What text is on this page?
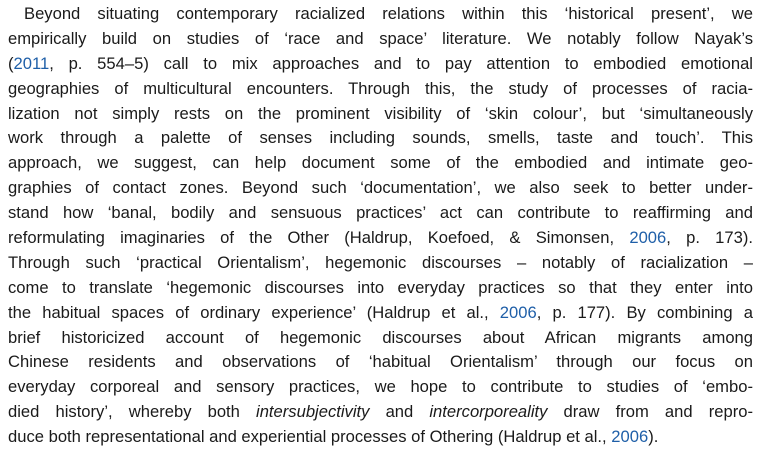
Beyond situating contemporary racialized relations within this ‘historical present’, we
empirically build on studies of ‘race and space’ literature. We notably follow Nayak’s
(2011, p. 554–5) call to mix approaches and to pay attention to embodied emotional
geographies of multicultural encounters. Through this, the study of processes of racia-
lization not simply rests on the prominent visibility of ‘skin colour’, but ‘simultaneously
work through a palette of senses including sounds, smells, taste and touch’. This
approach, we suggest, can help document some of the embodied and intimate geo-
graphies of contact zones. Beyond such ‘documentation’, we also seek to better under-
stand how ‘banal, bodily and sensuous practices’ act can contribute to reaffirming and
reformulating imaginaries of the Other (Haldrup, Koefoed, & Simonsen, 2006, p. 173).
Through such ‘practical Orientalism’, hegemonic discourses – notably of racialization –
come to translate ‘hegemonic discourses into everyday practices so that they enter into
the habitual spaces of ordinary experience’ (Haldrup et al., 2006, p. 177). By combining a
brief historicized account of hegemonic discourses about African migrants among
Chinese residents and observations of ‘habitual Orientalism’ through our focus on
everyday corporeal and sensory practices, we hope to contribute to studies of ‘embo-
died history’, whereby both intersubjectivity and intercorporeality draw from and repro-
duce both representational and experiential processes of Othering (Haldrup et al., 2006).
